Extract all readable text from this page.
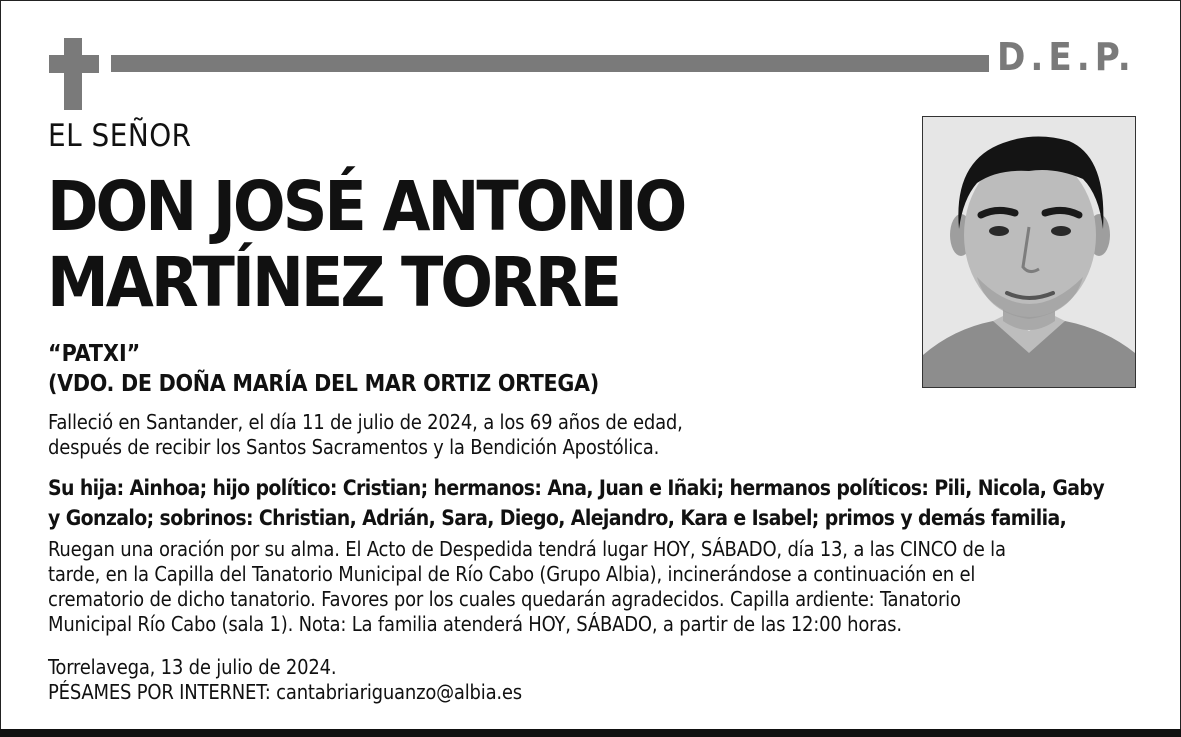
D.E.P.
EL SEÑOR
DON JOSÉ ANTONIO
MARTÍNEZ TORRE
“PATXI”
(VDO. DE DOÑA MARÍA DEL MAR ORTIZ ORTEGA)
Falleció en Santander, el día 11 de julio de 2024, a los 69 años de edad,
después de recibir los Santos Sacramentos y la Bendición Apostólica.
Su hija: Ainhoa; hijo político: Cristian; hermanos: Ana, Juan e Iñaki; hermanos políticos: Pili, Nicola, Gaby
y Gonzalo; sobrinos: Christian, Adrián, Sara, Diego, Alejandro, Kara e Isabel; primos y demás familia,
Ruegan una oración por su alma. El Acto de Despedida tendrá lugar HOY, SÁBADO, día 13, a las CINCO de la
tarde, en la Capilla del Tanatorio Municipal de Río Cabo (Grupo Albia), incinerándose a continuación en el
crematorio de dicho tanatorio. Favores por los cuales quedarán agradecidos. Capilla ardiente: Tanatorio
Municipal Río Cabo (sala 1). Nota: La familia atenderá HOY, SÁBADO, a partir de las 12:00 horas.
Torrelavega, 13 de julio de 2024.
PÉSAMES POR INTERNET: cantabriariguanzo@albia.es
